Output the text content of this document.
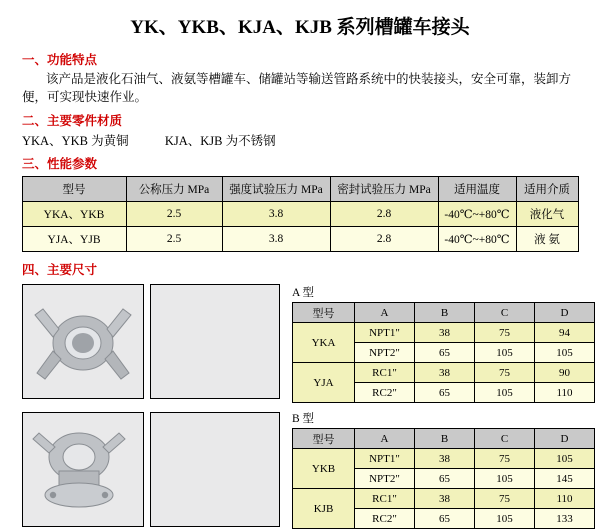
YK、YKB、KJA、KJB 系列槽罐车接头
一、功能特点
该产品是液化石油气、液氨等槽罐车、储罐站等输送管路系统中的快装接头，安全可靠，装卸方便，可实现快速作业。
二、主要零件材质
YKA、YKB 为黄铜	KJA、KJB 为不锈钢
三、性能参数
型号	公称压力 MPa	强度试验压力 MPa	密封试验压力 MPa	适用温度	适用介质
YKA、YKB	2.5	3.8	2.8	-40℃~+80℃	液化气
YJA、YJB	2.5	3.8	2.8	-40℃~+80℃	液 氨
四、主要尺寸
A 型
型号	A	B	C	D
YKA	NPT1"	38	75	94
	NPT2"	65	105	105
YJA	RC1"	38	75	90
	RC2"	65	105	110
B 型
型号	A	B	C	D
YKB	NPT1"	38	75	105
	NPT2"	65	105	145
KJB	RC1"	38	75	110
	RC2"	65	105	133
